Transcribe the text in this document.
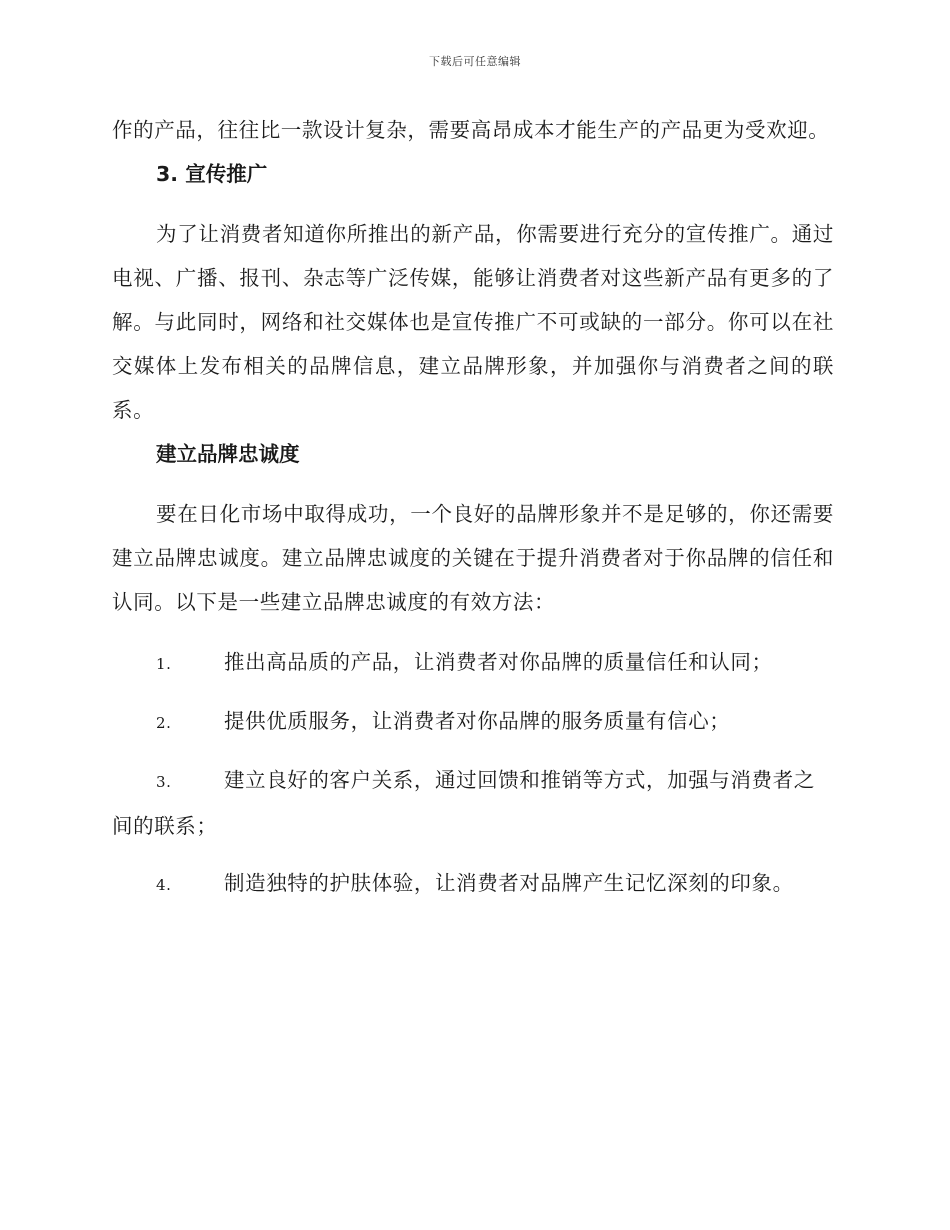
下载后可任意编辑

作的产品，往往比一款设计复杂，需要高昂成本才能生产的产品更为受欢迎。

3. 宣传推广

为了让消费者知道你所推出的新产品，你需要进行充分的宣传推广。通过电视、广播、报刊、杂志等广泛传媒，能够让消费者对这些新产品有更多的了解。与此同时，网络和社交媒体也是宣传推广不可或缺的一部分。你可以在社交媒体上发布相关的品牌信息，建立品牌形象，并加强你与消费者之间的联系。

建立品牌忠诚度

要在日化市场中取得成功，一个良好的品牌形象并不是足够的，你还需要建立品牌忠诚度。建立品牌忠诚度的关键在于提升消费者对于你品牌的信任和认同。以下是一些建立品牌忠诚度的有效方法：

1.	推出高品质的产品，让消费者对你品牌的质量信任和认同；

2.	提供优质服务，让消费者对你品牌的服务质量有信心；

3.	建立良好的客户关系，通过回馈和推销等方式，加强与消费者之间的联系；

4.	制造独特的护肤体验，让消费者对品牌产生记忆深刻的印象。
